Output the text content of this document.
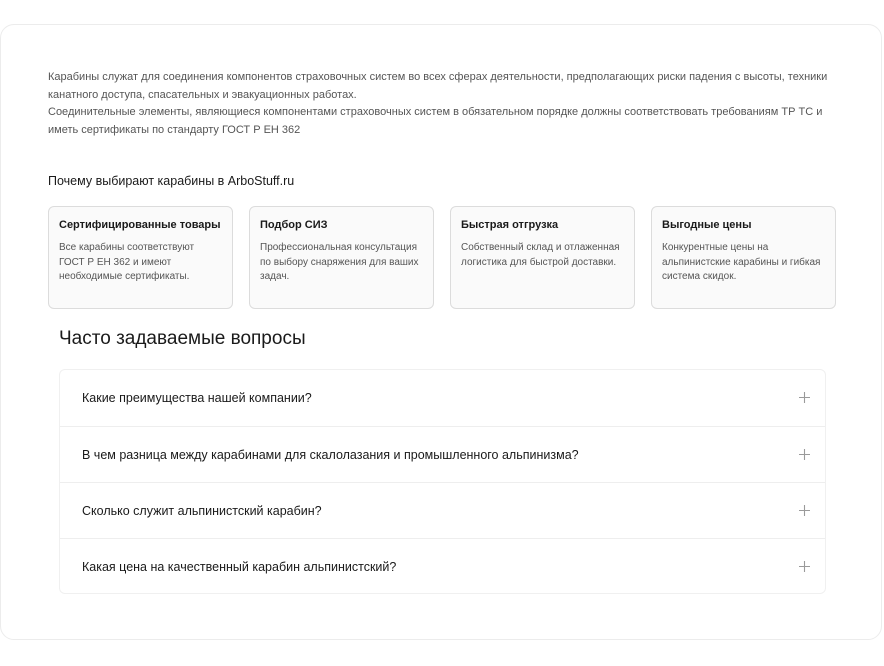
Карабины служат для соединения компонентов страховочных систем во всех сферах деятельности, предполагающих риски падения с высоты, техники канатного доступа, спасательных и эвакуационных работах.

Соединительные элементы, являющиеся компонентами страховочных систем в обязательном порядке должны соответствовать требованиям ТР ТС и иметь сертификаты по стандарту ГОСТ Р ЕН 362

Почему выбирают карабины в ArboStuff.ru

Сертифицированные товары

Все карабины соответствуют ГОСТ Р ЕН 362 и имеют необходимые сертификаты.

Подбор СИЗ

Профессиональная консультация по выбору снаряжения для ваших задач.

Быстрая отгрузка

Собственный склад и отлаженная логистика для быстрой доставки.

Выгодные цены

Конкурентные цены на альпинистские карабины и гибкая система скидок.

Часто задаваемые вопросы
Какие преимущества нашей компании?
В чем разница между карабинами для скалолазания и промышленного альпинизма?
Сколько служит альпинистский карабин?
Какая цена на качественный карабин альпинистский?
